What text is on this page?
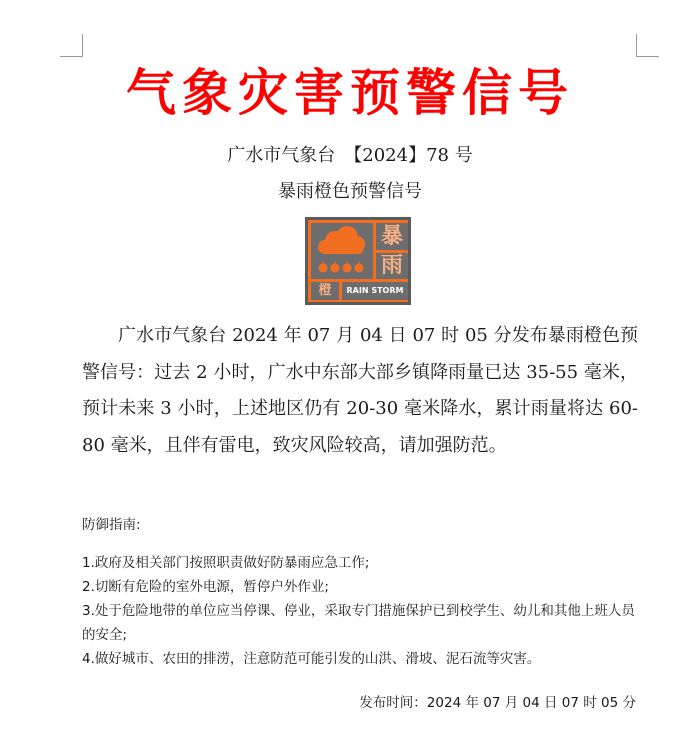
气象灾害预警信号
广水市气象台　【2024】78 号
暴雨橙色预警信号
暴
雨
橙	RAIN STORM

广水市气象台 2024 年 07 月 04 日 07 时 05 分发布暴雨橙色预警信号：过去 2 小时，广水中东部大部乡镇降雨量已达 35-55 毫米，预计未来 3 小时，上述地区仍有 20-30 毫米降水，累计雨量将达 60-80 毫米，且伴有雷电，致灾风险较高，请加强防范。

防御指南:
1.政府及相关部门按照职责做好防暴雨应急工作;
2.切断有危险的室外电源，暂停户外作业;
3.处于危险地带的单位应当停课、停业，采取专门措施保护已到校学生、幼儿和其他上班人员的安全;
4.做好城市、农田的排涝，注意防范可能引发的山洪、滑坡、泥石流等灾害。
发布时间：2024 年 07 月 04 日 07 时 05 分
